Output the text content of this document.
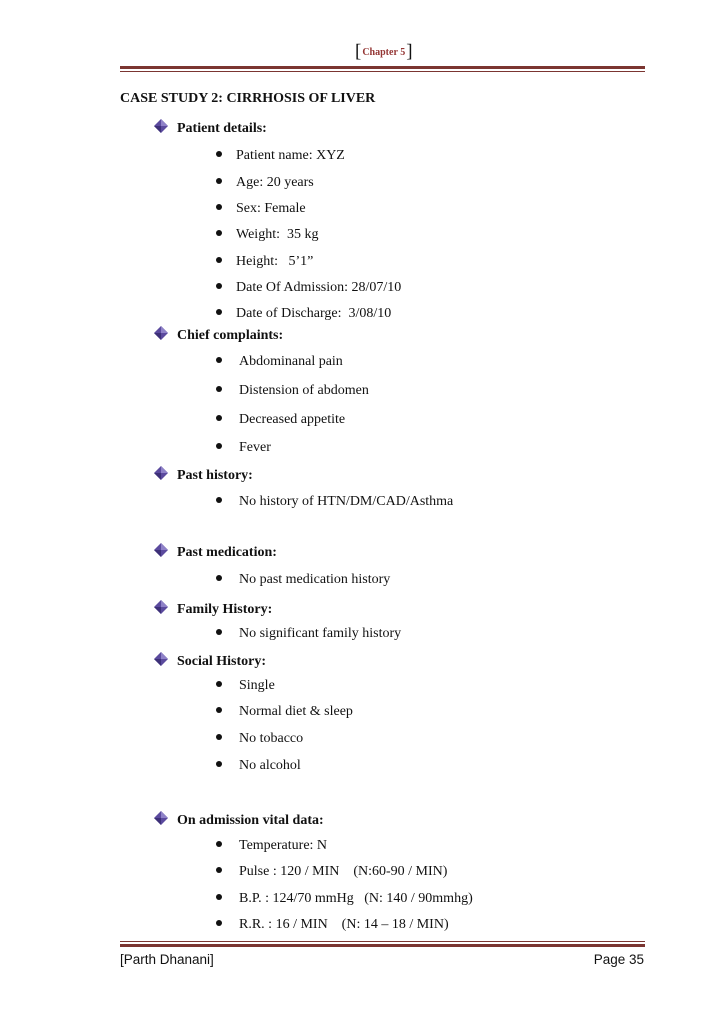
[Chapter 5]
CASE STUDY 2: CIRRHOSIS OF LIVER
Patient details:
Patient name: XYZ
Age: 20 years
Sex: Female
Weight:  35 kg
Height:   5’1”
Date Of Admission: 28/07/10
Date of Discharge:  3/08/10
Chief complaints:
Abdominanal pain
Distension of abdomen
Decreased appetite
Fever
Past history:
No history of HTN/DM/CAD/Asthma
Past medication:
No past medication history
Family History:
No significant family history
Social History:
Single
Normal diet & sleep
No tobacco
No alcohol
On admission vital data:
Temperature: N
Pulse : 120 / MIN    (N:60-90 / MIN)
B.P. : 124/70 mmHg   (N: 140 / 90mmhg)
R.R. : 16 / MIN    (N: 14 – 18 / MIN)
[Parth Dhanani]	Page 35
